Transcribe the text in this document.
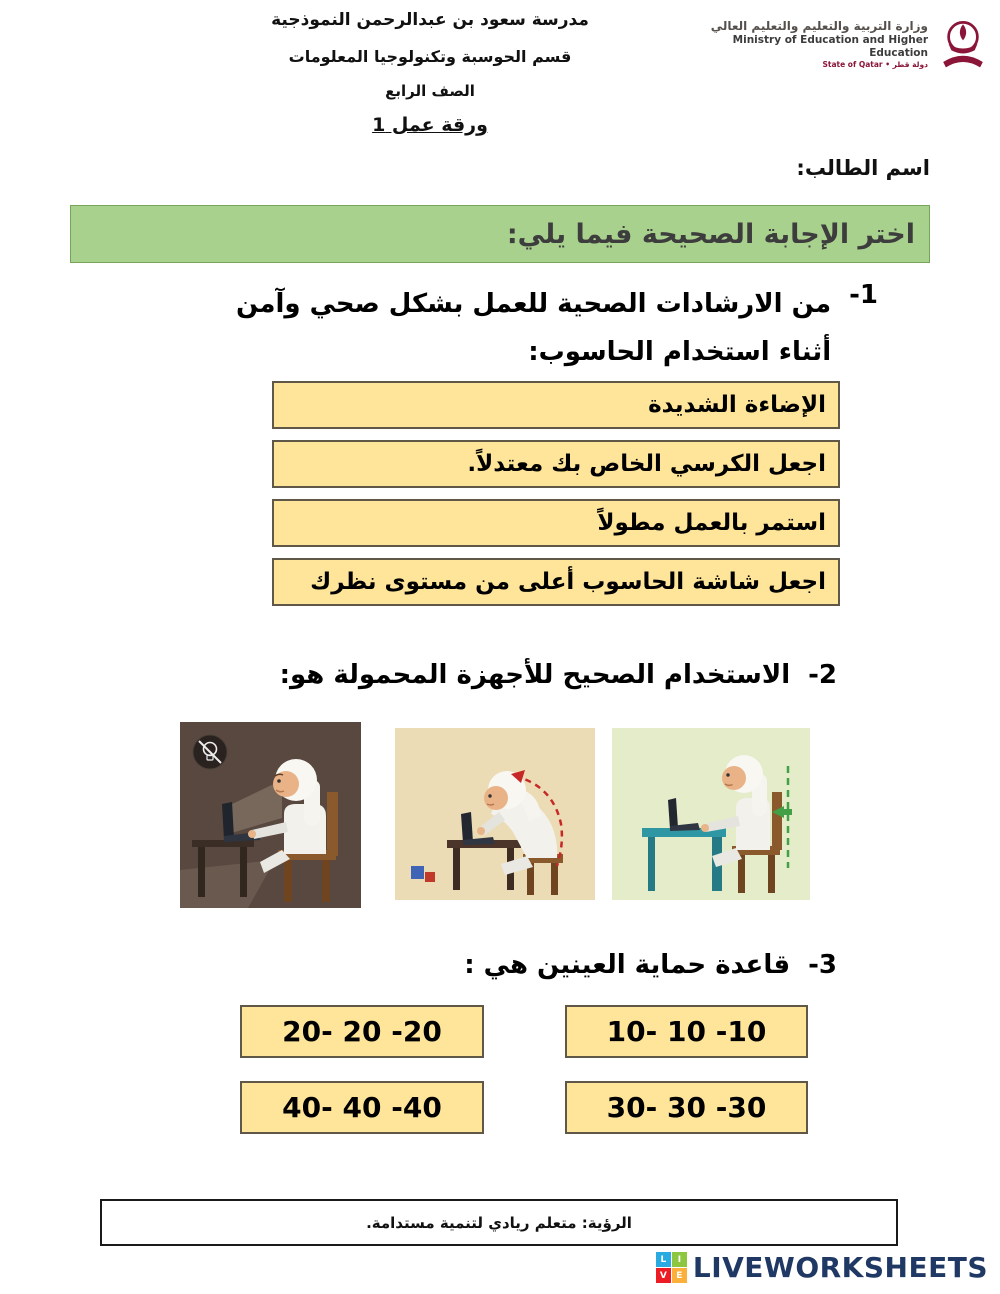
مدرسة سعود بن عبدالرحمن النموذجية
قسم الحوسبة وتكنولوجيا المعلومات
الصف الرابع
ورقة عمل 1
وزارة التربية والتعليم والتعليم العالي
Ministry of Education and Higher Education
State of Qatar • دولة قطر
اسم الطالب:
اختر الإجابة الصحيحة فيما يلي:
1-
من الارشادات الصحية للعمل بشكل صحي وآمن أثناء استخدام الحاسوب:
الإضاءة الشديدة
اجعل الكرسي الخاص بك معتدلاً.
استمر بالعمل مطولاً
اجعل شاشة الحاسوب أعلى من مستوى نظرك
2-
الاستخدام الصحيح للأجهزة المحمولة هو:
3-
قاعدة حماية العينين هي :
10- 10 -10
20- 20 -20
30- 30 -30
40- 40 -40
الرؤية: متعلم ريادي لتنمية مستدامة.
L	I
V	E LIVEWORKSHEETS
